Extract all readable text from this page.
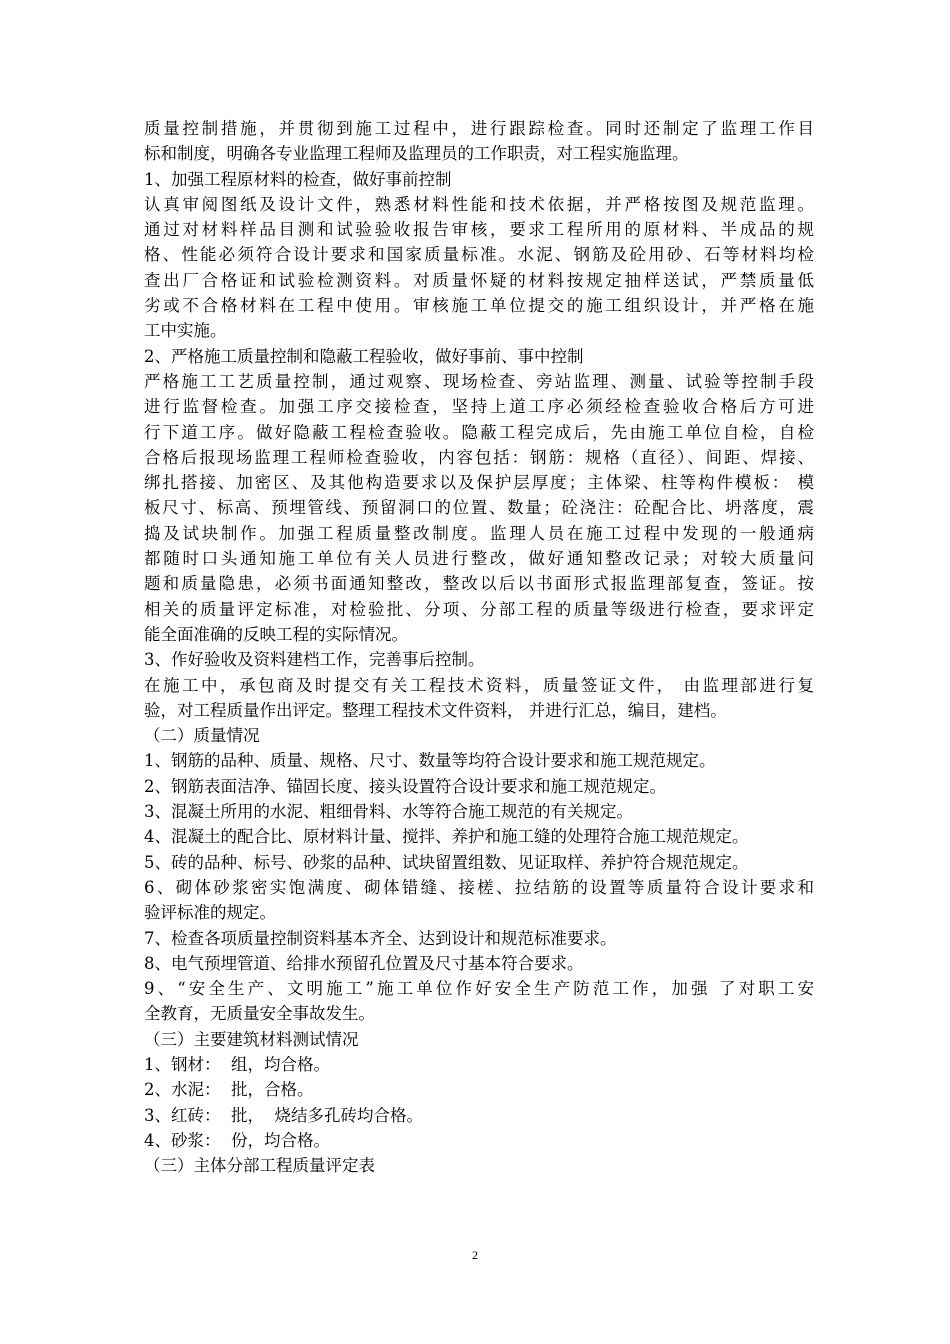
质量控制措施，并贯彻到施工过程中，进行跟踪检查。同时还制定了监理工作目
标和制度，明确各专业监理工程师及监理员的工作职责，对工程实施监理。
1、加强工程原材料的检查，做好事前控制
认真审阅图纸及设计文件，熟悉材料性能和技术依据，并严格按图及规范监理。
通过对材料样品目测和试验验收报告审核，要求工程所用的原材料、半成品的规
格、性能必须符合设计要求和国家质量标准。水泥、钢筋及砼用砂、石等材料均检
查出厂合格证和试验检测资料。对质量怀疑的材料按规定抽样送试，严禁质量低
劣或不合格材料在工程中使用。审核施工单位提交的施工组织设计，并严格在施
工中实施。
2、严格施工质量控制和隐蔽工程验收，做好事前、事中控制
严格施工工艺质量控制，通过观察、现场检查、旁站监理、测量、试验等控制手段
进行监督检查。加强工序交接检查，坚持上道工序必须经检查验收合格后方可进
行下道工序。做好隐蔽工程检查验收。隐蔽工程完成后，先由施工单位自检，自检
合格后报现场监理工程师检查验收，内容包括：钢筋：规格（直径）、间距、焊接、
绑扎搭接、加密区、及其他构造要求以及保护层厚度；主体梁、柱等构件模板： 模
板尺寸、标高、预埋管线、预留洞口的位置、数量；砼浇注：砼配合比、坍落度，震
捣及试块制作。加强工程质量整改制度。监理人员在施工过程中发现的一般通病
都随时口头通知施工单位有关人员进行整改，做好通知整改记录；对较大质量问
题和质量隐患，必须书面通知整改，整改以后以书面形式报监理部复查，签证。按
相关的质量评定标准，对检验批、分项、分部工程的质量等级进行检查，要求评定
能全面准确的反映工程的实际情况。
3、作好验收及资料建档工作，完善事后控制。
在施工中，承包商及时提交有关工程技术资料，质量签证文件， 由监理部进行复
验，对工程质量作出评定。整理工程技术文件资料， 并进行汇总，编目，建档。
（二）质量情况
1、钢筋的品种、质量、规格、尺寸、数量等均符合设计要求和施工规范规定。
2、钢筋表面洁净、锚固长度、接头设置符合设计要求和施工规范规定。
3、混凝土所用的水泥、粗细骨料、水等符合施工规范的有关规定。
4、混凝土的配合比、原材料计量、搅拌、养护和施工缝的处理符合施工规范规定。
5、砖的品种、标号、砂浆的品种、试块留置组数、见证取样、养护符合规范规定。
6、砌体砂浆密实饱满度、砌体错缝、接槎、拉结筋的设置等质量符合设计要求和
验评标准的规定。
7、检查各项质量控制资料基本齐全、达到设计和规范标准要求。
8、电气预埋管道、给排水预留孔位置及尺寸基本符合要求。
9、“安全生产、文明施工”施工单位作好安全生产防范工作，加强 了对职工安
全教育，无质量安全事故发生。
（三）主要建筑材料测试情况
1、钢材：  组，均合格。
2、水泥：  批，合格。
3、红砖：  批，  烧结多孔砖均合格。
4、砂浆：  份，均合格。
（三）主体分部工程质量评定表
2
